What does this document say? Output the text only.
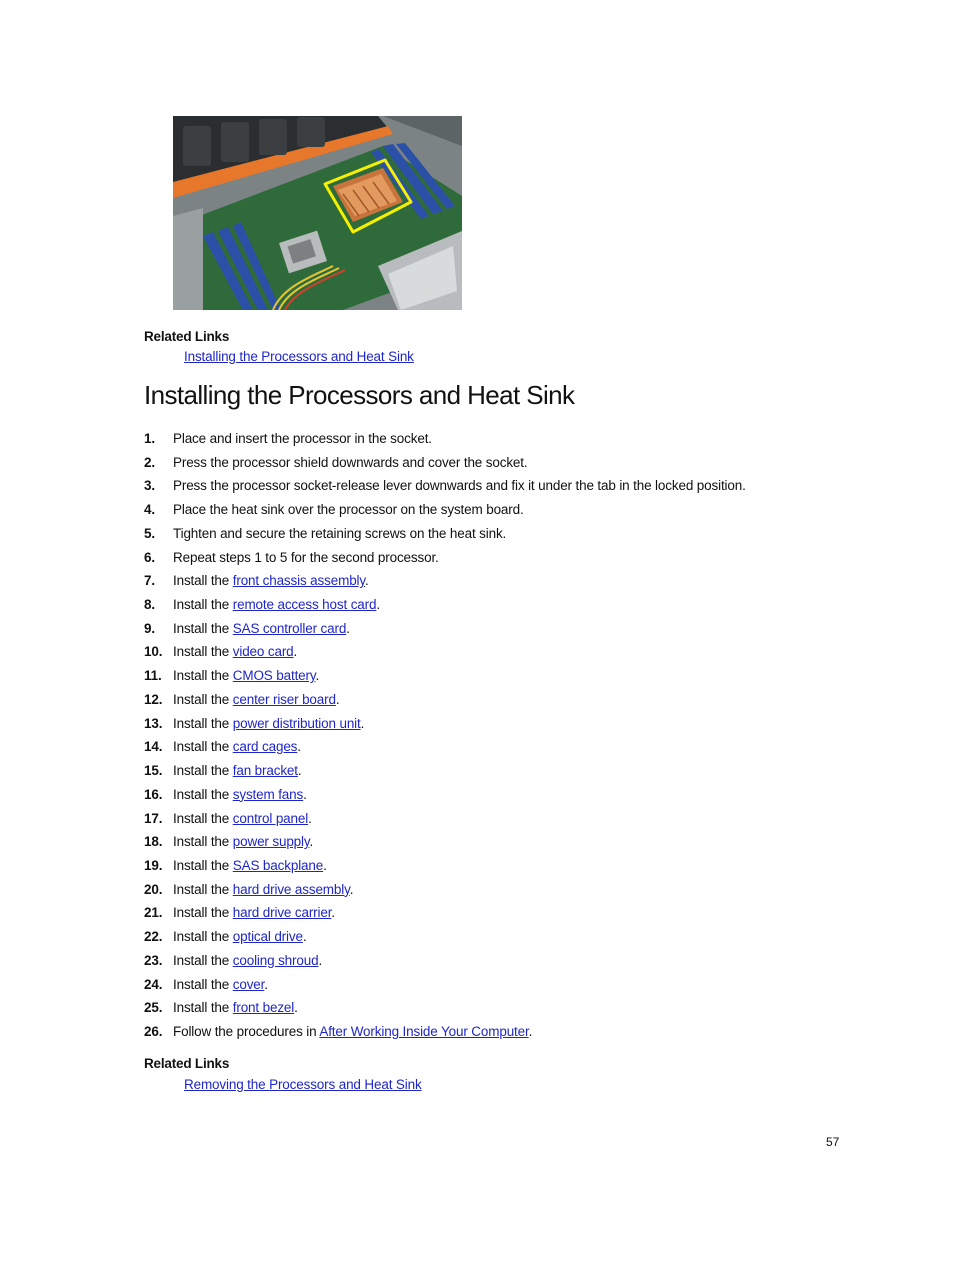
Related Links
Installing the Processors and Heat Sink
Installing the Processors and Heat Sink
1. Place and insert the processor in the socket.
2. Press the processor shield downwards and cover the socket.
3. Press the processor socket-release lever downwards and fix it under the tab in the locked position.
4. Place the heat sink over the processor on the system board.
5. Tighten and secure the retaining screws on the heat sink.
6. Repeat steps 1 to 5 for the second processor.
7. Install the front chassis assembly.
8. Install the remote access host card.
9. Install the SAS controller card.
10. Install the video card.
11. Install the CMOS battery.
12. Install the center riser board.
13. Install the power distribution unit.
14. Install the card cages.
15. Install the fan bracket.
16. Install the system fans.
17. Install the control panel.
18. Install the power supply.
19. Install the SAS backplane.
20. Install the hard drive assembly.
21. Install the hard drive carrier.
22. Install the optical drive.
23. Install the cooling shroud.
24. Install the cover.
25. Install the front bezel.
26. Follow the procedures in After Working Inside Your Computer.
Related Links
Removing the Processors and Heat Sink
57
